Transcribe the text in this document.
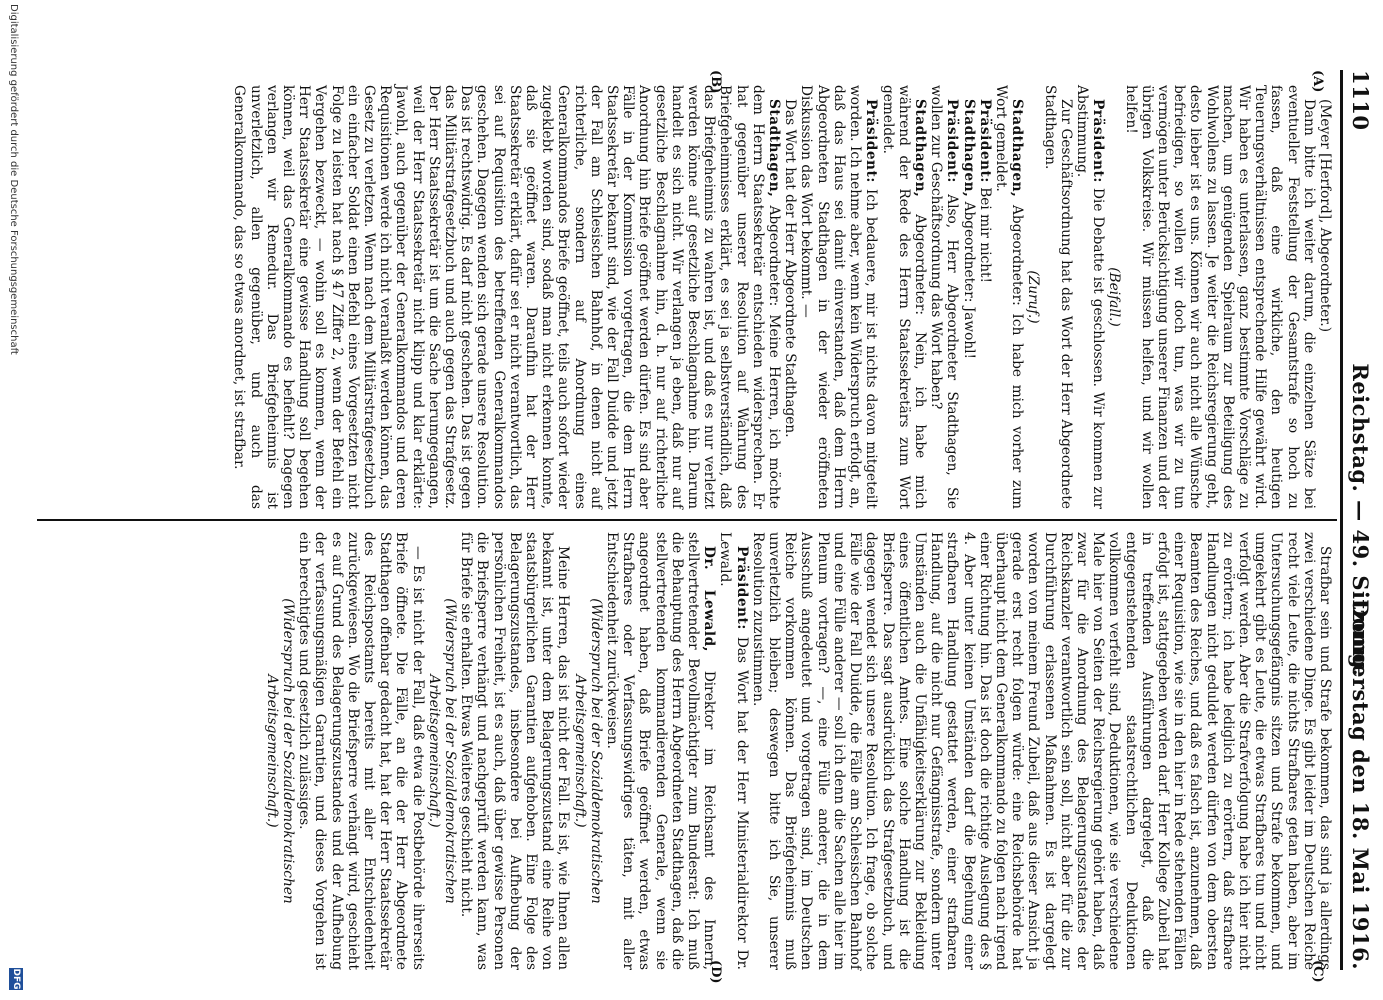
1110
Reichstag. — 49. Sitzung.
Donnerstag den 18. Mai 1916.
(A)
(B)
(C)
(D)

(Meyer [Herford], Abgeordneter.)

Dann bitte ich weiter darum, die einzelnen Sätze bei eventueller Feststellung der Gesamtstrafe so hoch zu fassen, daß eine wirkliche, den heutigen Teuerungsverhältnissen entsprechende Hilfe gewährt wird. Wir haben es unterlassen, ganz bestimmte Vorschläge zu machen, um genügenden Spielraum zur Beteiligung des Wohlwollens zu lassen. Je weiter die Reichsregierung geht, desto lieber ist es uns. Können wir auch nicht alle Wünsche befriedigen, so wollen wir doch tun, was wir zu tun vermögen unter Berücksichtigung unserer Finanzen und der übrigen Volkskreise. Wir müssen helfen, und wir wollen helfen!

(Beifall.)

Präsident: Die Debatte ist geschlossen. Wir kommen zur Abstimmung.

Zur Geschäftsordnung hat das Wort der Herr Abgeordnete Stadthagen.

(Zuruf.)

Stadthagen, Abgeordneter: Ich habe mich vorher zum Wort gemeldet.

Präsident: Bei mir nicht!

Stadthagen, Abgeordneter: Jawohl!

Präsident: Also, Herr Abgeordneter Stadthagen, Sie wollen zur Geschäftsordnung das Wort haben?

Stadthagen, Abgeordneter: Nein, ich habe mich während der Rede des Herrn Staatssekretärs zum Wort gemeldet.

Präsident: Ich bedauere, mir ist nichts davon mitgeteilt worden. Ich nehme aber, wenn kein Widerspruch erfolgt, an, daß das Haus sei damit einverstanden, daß dem Herrn Abgeordneten Stadthagen in der wieder eröffneten Diskussion das Wort bekommt. —

Das Wort hat der Herr Abgeordnete Stadthagen.

Stadthagen, Abgeordneter: Meine Herren, ich möchte dem Herrn Staatssekretär entschieden widersprechen. Er hat gegenüber unserer Resolution auf Wahrung des Briefgeheimnisses erklärt, es sei ja selbstverständlich, daß das Briefgeheimnis zu wahren ist, und daß es nur verletzt werden könne auf gesetzliche Beschlagnahme hin. Darum handelt es sich nicht. Wir verlangen ja eben, daß nur auf gesetzliche Beschlagnahme hin, d. h. nur auf richterliche Anordnung hin Briefe geöffnet werden dürfen. Es sind aber Fälle in der Kommission vorgetragen, die dem Herrn Staatssekretär bekannt sind, wie der Fall Duidde und jetzt der Fall am Schlesischen Bahnhof, in denen nicht auf richterliche, sondern auf Anordnung eines Generalkommandos Briefe geöffnet, teils auch sofort wieder zugeklebt worden sind, sodaß man nicht erkennen konnte, daß sie geöffnet waren. Daraufhin hat der Herr Staatssekretär erklärt, dafür sei er nicht verantwortlich, das sei auf Requisition des betreffenden Generalkommandos geschehen. Dagegen wenden sich gerade unsere Resolution. Das ist rechtswidrig. Es darf nicht geschehen. Das ist gegen das Militärstrafgesetzbuch und auch gegen das Strafgesetz. Der Herr Staatssekretär ist um die Sache herumgegangen, weil der Herr Staatssekretär nicht klipp und klar erklärte: Jawohl, auch gegenüber der Generalkommandos und deren Requisitionen werde ich nicht veranlaßt werden können, das Gesetz zu verletzen. Wenn nach dem Militärstrafgesetzbuch ein einfacher Soldat einen Befehl eines Vorgesetzten nicht Folge zu leisten hat nach § 47 Ziffer 2, wenn der Befehl ein Vergehen bezweckt, — wohin soll es kommen, wenn der Herr Staatssekretär eine gewisse Handlung soll begehen können, weil das Generalkommando es befiehlt? Dagegen verlangen wir Remedur. Das Briefgeheimnis ist unverletzlich, allen gegenüber, und auch das Generalkommando, das so etwas anordnet, ist strafbar.

Strafbar sein und Strafe bekommen, das sind ja allerdings zwei verschiedene Dinge. Es gibt leider im Deutschen Reiche recht viele Leute, die nichts Strafbares getan haben, aber im Untersuchungsgefängnis sitzen und Strafe bekommen, und umgekehrt gibt es Leute, die etwas Strafbares tun und nicht verfolgt werden. Aber die Strafverfolgung habe ich hier nicht zu erörtern; ich habe lediglich zu erörtern, daß strafbare Handlungen nicht geduldet werden dürfen von dem obersten Beamten des Reiches, und daß es falsch ist, anzunehmen, daß einer Requisition, wie sie in den hier in Rede stehenden Fällen erfolgt ist, stattgegeben werden darf. Herr Kollege Zubeil hat in treffenden Ausführungen dargelegt, daß die entgegenstehenden staatsrechtlichen Deduktionen vollkommen verfehlt sind, Deduktionen, wie sie verschiedene Male hier von Seiten der Reichsregierung gehört haben, daß zwar für die Anordnung des Belagerungszustandes der Reichskanzler verantwortlich sein soll, nicht aber für die zur Durchführung erlassenen Maßnahmen. Es ist dargelegt worden von meinem Freund Zubeil, daß aus dieser Ansicht ja gerade erst recht folgen würde: eine Reichsbehörde hat überhaupt nicht dem Generalkommando zu folgen nach irgend einer Richtung hin. Das ist doch die richtige Auslegung des § 4. Aber unter keinen Umständen darf die Begehung einer strafbaren Handlung gestattet werden, einer strafbaren Handlung, auf die nicht nur Gefängnisstrafe, sondern unter Umständen auch die Unfähigkeitserklärung zur Bekleidung eines öffentlichen Amtes. Eine solche Handlung ist die Briefsperre. Das sagt ausdrücklich das Strafgesetzbuch, und dagegen wendet sich unsere Resolution. Ich frage, ob solche Fälle wie der Fall Duidde, die Fälle am Schlesischen Bahnhof und eine Fülle anderer — soll ich denn die Sachen alle hier im Plenum vortragen? —, eine Fülle anderer, die in dem Ausschuß angedeutet und vorgetragen sind, im Deutschen Reiche vorkommen können. Das Briefgeheimnis muß unverletzlich bleiben; deswegen bitte ich Sie, unserer Resolution zuzustimmen.

Präsident: Das Wort hat der Herr Ministerialdirektor Dr. Lewald.

Dr. Lewald, Direktor im Reichsamt des Innern, stellvertretender Bevollmächtigter zum Bundesrat: Ich muß die Behauptung des Herrn Abgeordneten Stadthagen, daß die stellvertretenden kommandierenden Generale, wenn sie angeordnet haben, daß Briefe geöffnet werden, etwas Strafbares oder Verfassungswidriges täten, mit aller Entschiedenheit zurückweisen.

(Widerspruch bei der Sozialdemokratischen Arbeitsgemeinschaft.)

Meine Herren, das ist nicht der Fall. Es ist, wie Ihnen allen bekannt ist, unter dem Belagerungszustand eine Reihe von staatsbürgerlichen Garantien aufgehoben. Eine Folge des Belagerungszustandes, insbesondere bei Aufhebung der persönlichen Freiheit, ist es auch, daß über gewisse Personen die Briefsperre verhängt und nachgeprüft werden kann, was für Briefe sie erhalten. Etwas Weiteres geschieht nicht.

(Widerspruch bei der Sozialdemokratischen Arbeitsgemeinschaft.)

— Es ist nicht der Fall, daß etwa die Postbehörde ihrerseits Briefe öffnete. Die Fälle, an die der Herr Abgeordnete Stadthagen offenbar gedacht hat, hat der Herr Staatssekretär des Reichspostamts bereits mit aller Entschiedenheit zurückgewiesen. Wo die Briefsperre verhängt wird, geschieht es auf Grund des Belagerungszustandes und der Aufhebung der verfassungsmäßigen Garantien, und dieses Vorgehen ist ein berechtigtes und gesetzlich zulässiges.

(Widerspruch bei der Sozialdemokratischen Arbeitsgemeinschaft.)

Digitalisierung gefördert durch die Deutsche Forschungsgemeinschaft
DFG
